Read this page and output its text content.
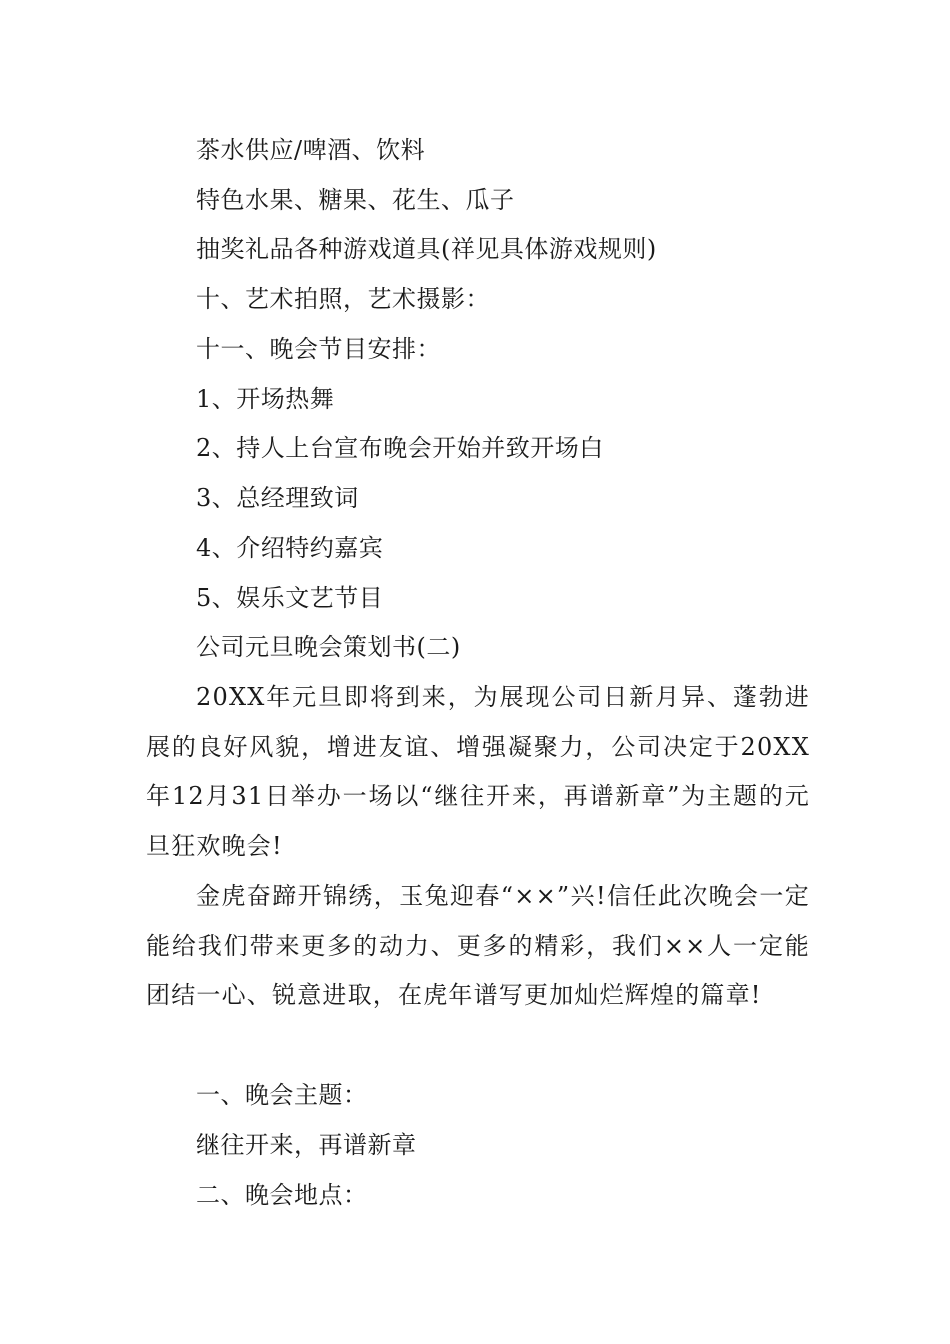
茶水供应/啤酒、饮料
特色水果、糖果、花生、瓜子
抽奖礼品各种游戏道具(祥见具体游戏规则)
十、艺术拍照，艺术摄影：
十一、晚会节目安排：
1、开场热舞
2、持人上台宣布晚会开始并致开场白
3、总经理致词
4、介绍特约嘉宾
5、娱乐文艺节目
公司元旦晚会策划书(二)
20XX年元旦即将到来，为展现公司日新月异、蓬勃进展的良好风貌，增进友谊、增强凝聚力，公司决定于20XX年12月31日举办一场以“继往开来，再谱新章”为主题的元旦狂欢晚会!
金虎奋蹄开锦绣，玉兔迎春“××”兴!信任此次晚会一定能给我们带来更多的动力、更多的精彩，我们××人一定能团结一心、锐意进取，在虎年谱写更加灿烂辉煌的篇章!
一、晚会主题：
继往开来，再谱新章
二、晚会地点：
